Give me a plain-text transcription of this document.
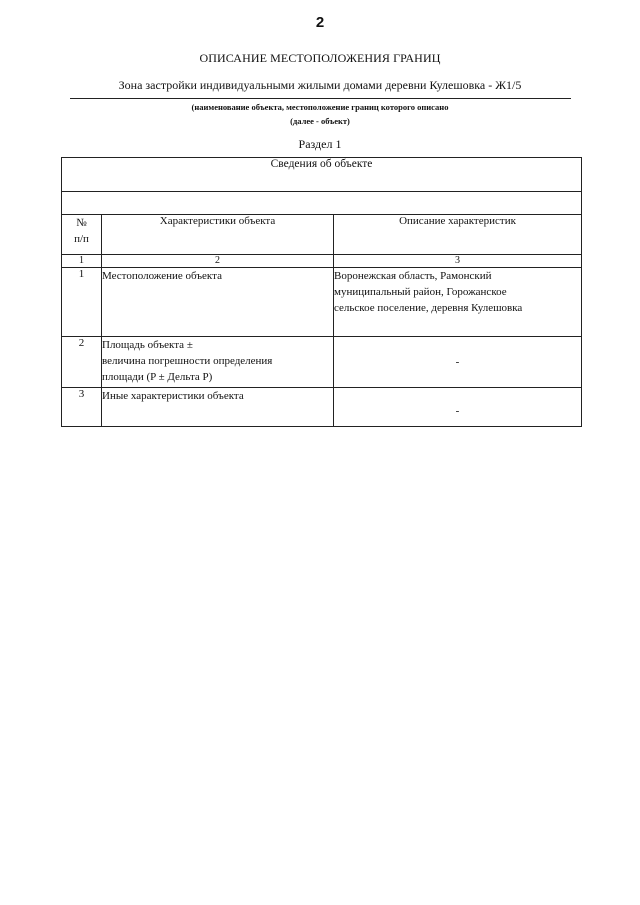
2
ОПИСАНИЕ МЕСТОПОЛОЖЕНИЯ ГРАНИЦ
Зона застройки индивидуальными жилыми домами деревни Кулешовка - Ж1/5
(наименование объекта, местоположение границ которого описано
(далее - объект)
Раздел 1
Сведения об объекте		

№
п/п	Характеристики объекта	Описание характеристик
1	2	3
1	Местоположение объекта	Воронежская область, Рамонский
муниципальный район, Горожанское
сельское поселение, деревня Кулешовка

2	Площадь объекта ±
величина погрешности определения
площади (P ± Дельта P)	-
3	Иные характеристики объекта	-
